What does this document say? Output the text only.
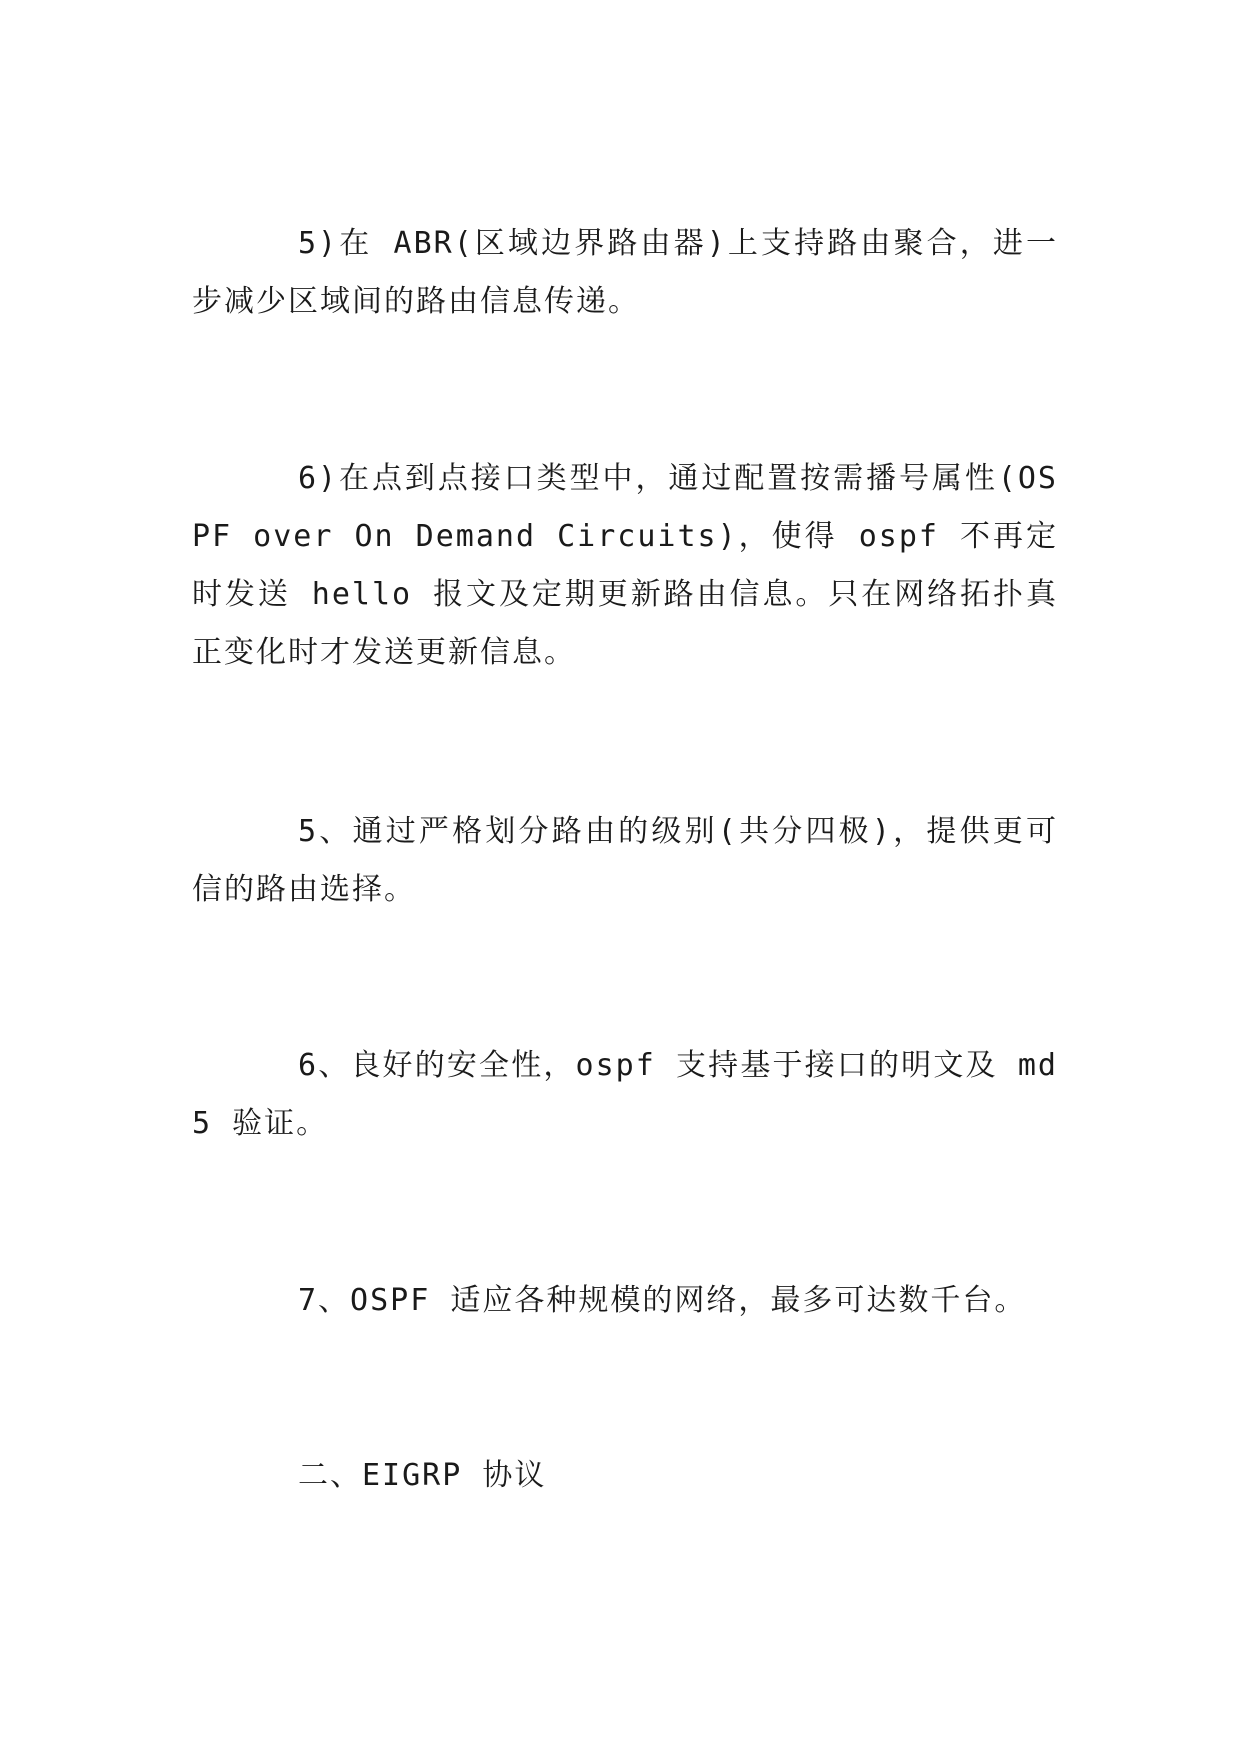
5)在 ABR(区域边界路由器)上支持路由聚合，进一步减少区域间的路由信息传递。

6)在点到点接口类型中，通过配置按需播号属性(OSPF over On Demand Circuits)，使得 ospf 不再定时发送 hello 报文及定期更新路由信息。只在网络拓扑真正变化时才发送更新信息。

5、通过严格划分路由的级别(共分四极)，提供更可信的路由选择。

6、良好的安全性，ospf 支持基于接口的明文及 md5 验证。

7、OSPF 适应各种规模的网络，最多可达数千台。

二、EIGRP 协议
